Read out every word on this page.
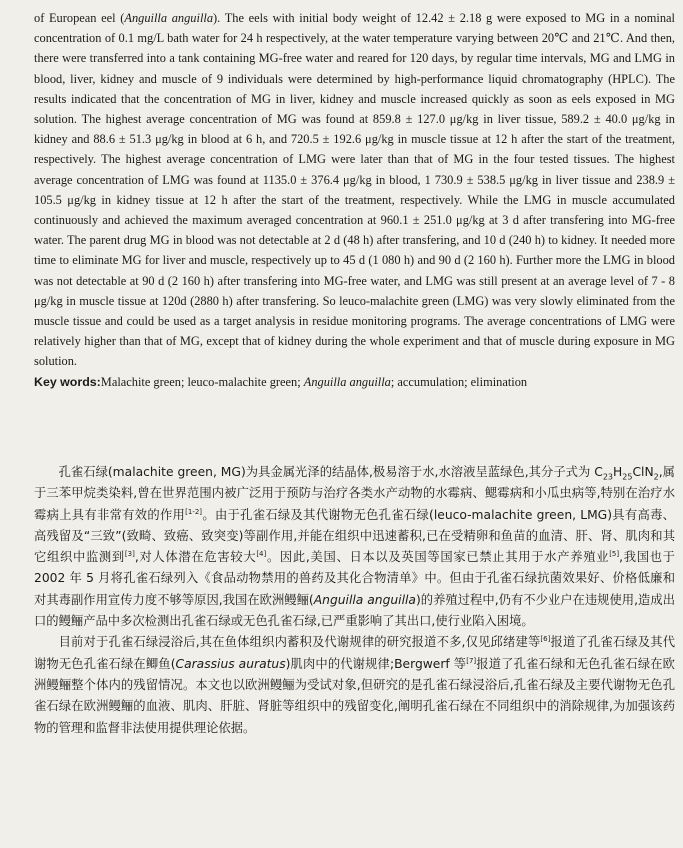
of European eel (Anguilla anguilla). The eels with initial body weight of 12.42 ± 2.18 g were exposed to MG in a nominal concentration of 0.1 mg/L bath water for 24 h respectively, at the water temperature varying between 20℃ and 21℃. And then, there were transferred into a tank containing MG-free water and reared for 120 days, by regular time intervals, MG and LMG in blood, liver, kidney and muscle of 9 individuals were determined by high-performance liquid chromatography (HPLC). The results indicated that the concentration of MG in liver, kidney and muscle increased quickly as soon as eels exposed in MG solution. The highest average concentration of MG was found at 859.8 ± 127.0 μg/kg in liver tissue, 589.2 ± 40.0 μg/kg in kidney and 88.6 ± 51.3 μg/kg in blood at 6 h, and 720.5 ± 192.6 μg/kg in muscle tissue at 12 h after the start of the treatment, respectively. The highest average concentration of LMG were later than that of MG in the four tested tissues. The highest average concentration of LMG was found at 1135.0 ± 376.4 μg/kg in blood, 1 730.9 ± 538.5 μg/kg in liver tissue and 238.9 ± 105.5 μg/kg in kidney tissue at 12 h after the start of the treatment, respectively. While the LMG in muscle accumulated continuously and achieved the maximum averaged concentration at 960.1 ± 251.0 μg/kg at 3 d after transfering into MG-free water. The parent drug MG in blood was not detectable at 2 d (48 h) after transfering, and 10 d (240 h) to kidney. It needed more time to eliminate MG for liver and muscle, respectively up to 45 d (1 080 h) and 90 d (2 160 h). Further more the LMG in blood was not detectable at 90 d (2 160 h) after transfering into MG-free water, and LMG was still present at an average level of 7 - 8 μg/kg in muscle tissue at 120d (2880 h) after transfering. So leuco-malachite green (LMG) was very slowly eliminated from the muscle tissue and could be used as a target analysis in residue monitoring programs. The average concentrations of LMG were relatively higher than that of MG, except that of kidney during the whole experiment and that of muscle during exposure in MG solution.

Key words:Malachite green; leuco-malachite green; Anguilla anguilla; accumulation; elimination

孔雀石绿(malachite green, MG)为具金属光泽的结晶体,极易溶于水,水溶液呈蓝绿色,其分子式为 $C_{23}H_{25}ClN_2$,属于三苯甲烷类染料,曾在世界范围内被广泛用于预防与治疗各类水产动物的水霉病、鳃霉病和小瓜虫病等,特别在治疗水霉病上具有非常有效的作用[1-2]。由于孔雀石绿及其代谢物无色孔雀石绿(leuco-malachite green, LMG)具有高毒、高残留及“三致”(致畸、致癌、致突变)等副作用,并能在组织中迅速蓄积,已在受精卵和鱼苗的血清、肝、肾、肌肉和其它组织中监测到[3],对人体潜在危害较大[4]。因此,美国、日本以及英国等国家已禁止其用于水产养殖业[5],我国也于 2002 年 5 月将孔雀石绿列入《食品动物禁用的兽药及其化合物清单》中。但由于孔雀石绿抗菌效果好、价格低廉和对其毒副作用宣传力度不够等原因,我国在欧洲鳗鲡(Anguilla anguilla)的养殖过程中,仍有不少业户在违规使用,造成出口的鳗鲡产品中多次检测出孔雀石绿或无色孔雀石绿,已严重影响了其出口,使行业陷入困境。

目前对于孔雀石绿浸浴后,其在鱼体组织内蓄积及代谢规律的研究报道不多,仅见邱绪建等[6]报道了孔雀石绿及其代谢物无色孔雀石绿在鲫鱼(Carassius auratus)肌肉中的代谢规律;Bergwerf 等[7]报道了孔雀石绿和无色孔雀石绿在欧洲鳗鲡整个体内的残留情况。本文也以欧洲鳗鲡为受试对象,但研究的是孔雀石绿浸浴后,孔雀石绿及主要代谢物无色孔雀石绿在欧洲鳗鲡的血液、肌肉、肝脏、肾脏等组织中的残留变化,阐明孔雀石绿在不同组织中的消除规律,为加强该药物的管理和监督非法使用提供理论依据。
